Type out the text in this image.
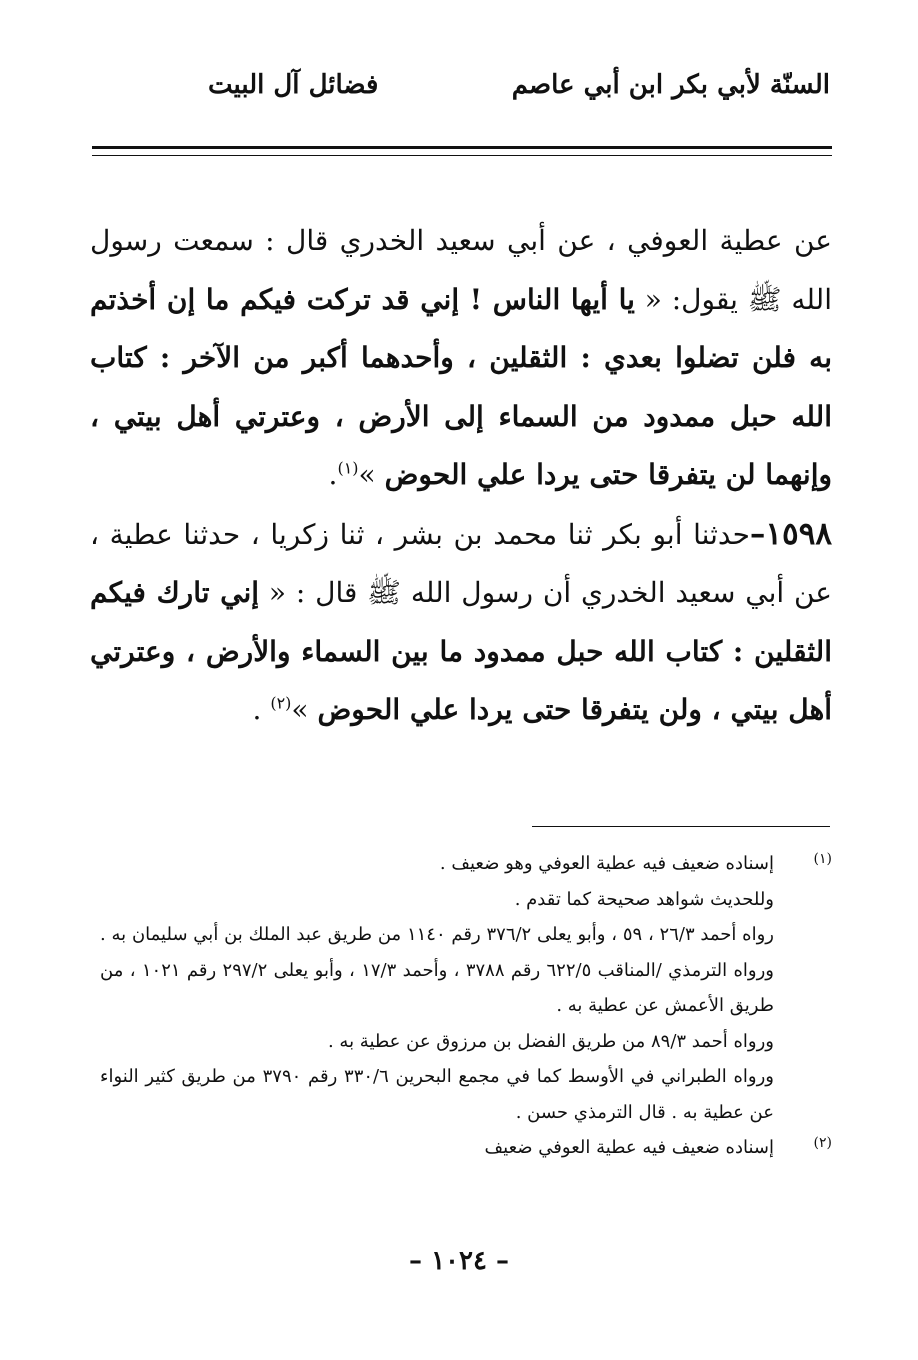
السنّة لأبي بكر ابن أبي عاصم
فضائل آل البيت

عن عطية العوفي ، عن أبي سعيد الخدري قال : سمعت رسول الله ﷺ يقول: « يا أيها الناس ! إني قد تركت فيكم ما إن أخذتم به فلن تضلوا بعدي : الثقلين ، وأحدهما أكبر من الآخر : كتاب الله حبل ممدود من السماء إلى الأرض ، وعترتي أهل بيتي ، وإنهما لن يتفرقا حتى يردا علي الحوض »$^{(١)}$.

١٥٩٨–حدثنا أبو بكر ثنا محمد بن بشر ، ثنا زكريا ، حدثنا عطية ، عن أبي سعيد الخدري أن رسول الله ﷺ قال : « إني تارك فيكم الثقلين : كتاب الله حبل ممدود ما بين السماء والأرض ، وعترتي أهل بيتي ، ولن يتفرقا حتى يردا علي الحوض »$^{(٢)}$ .

(١)

إسناده ضعيف فيه عطية العوفي وهو ضعيف .

وللحديث شواهد صحيحة كما تقدم .

رواه أحمد ٢٦/٣ ، ٥٩ ، وأبو يعلى ٣٧٦/٢ رقم ١١٤٠ من طريق عبد الملك بن أبي سليمان به . ورواه الترمذي /المناقب ٦٢٢/٥ رقم ٣٧٨٨ ، وأحمد ١٧/٣ ، وأبو يعلى ٢٩٧/٢ رقم ١٠٢١ ، من طريق الأعمش عن عطية به .

ورواه أحمد ٨٩/٣ من طريق الفضل بن مرزوق عن عطية به .

ورواه الطبراني في الأوسط كما في مجمع البحرين ٣٣٠/٦ رقم ٣٧٩٠ من طريق كثير النواء عن عطية به . قال الترمذي حسن .

(٢)

إسناده ضعيف فيه عطية العوفي ضعيف

– ١٠٢٤ –
